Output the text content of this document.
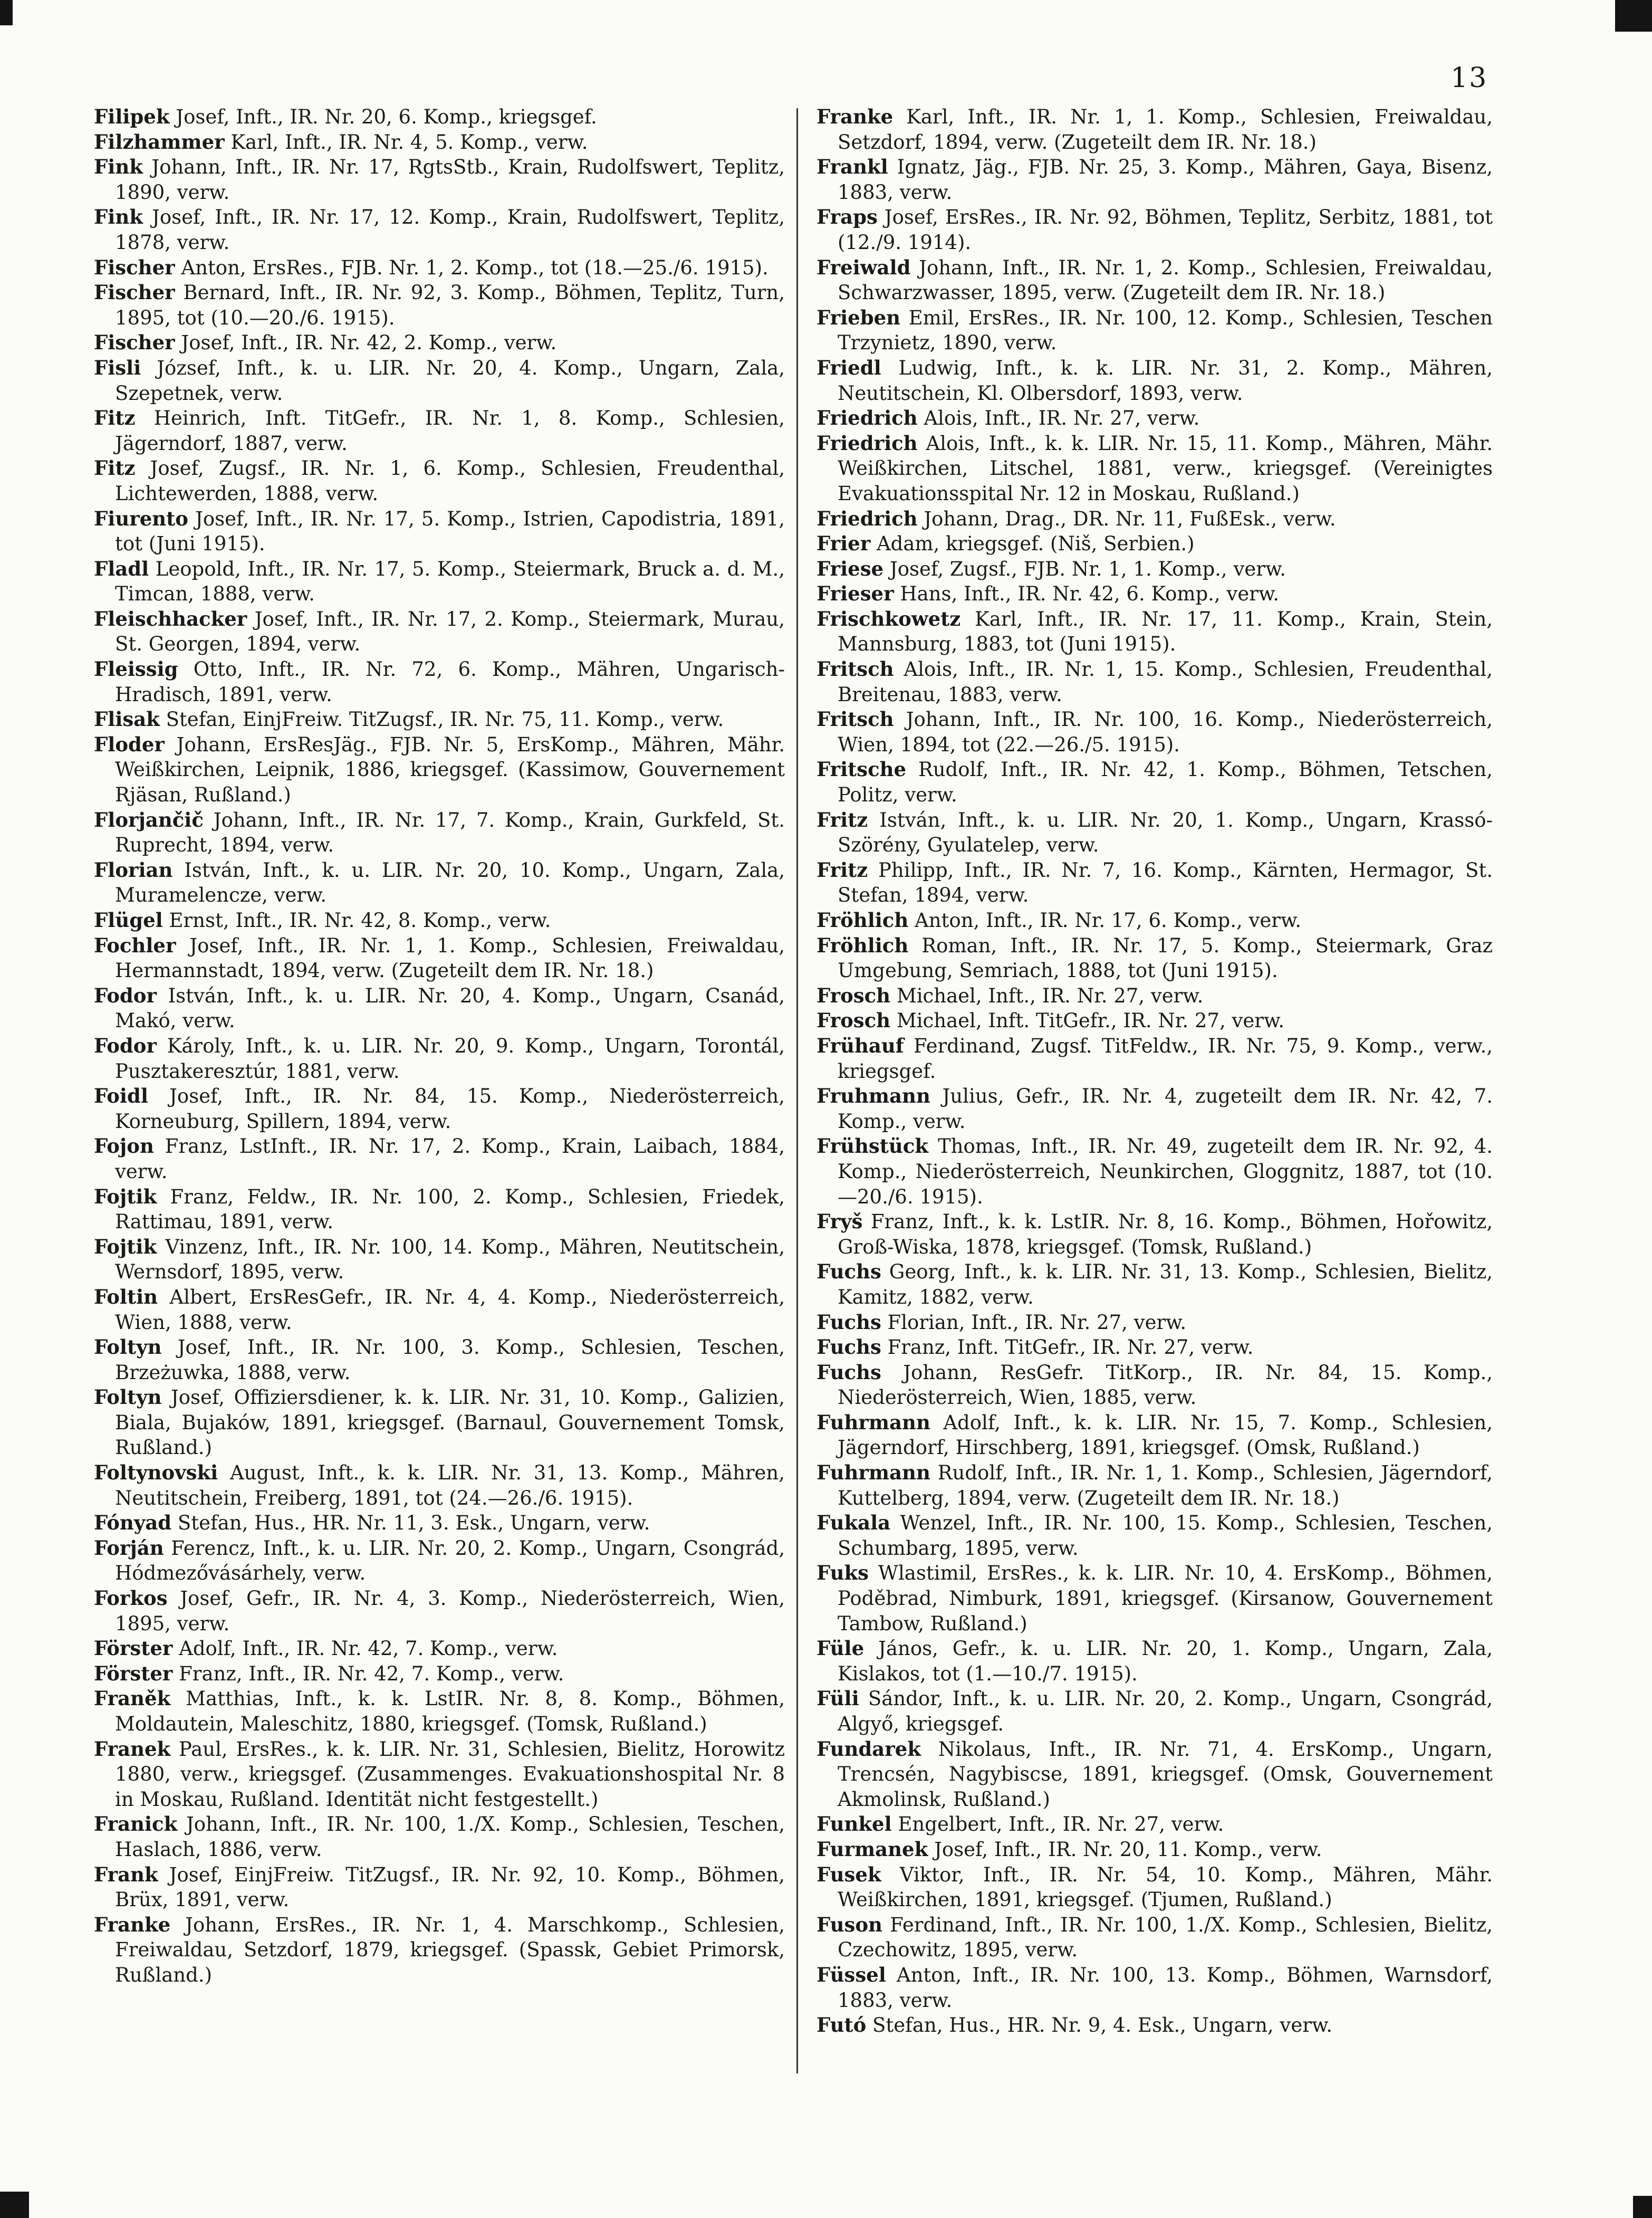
13

Filipek Josef, Inft., IR. Nr. 20, 6. Komp., kriegsgef.

Filzhammer Karl, Inft., IR. Nr. 4, 5. Komp., verw.

Fink Johann, Inft., IR. Nr. 17, RgtsStb., Krain, Rudolfswert, Teplitz, 1890, verw.

Fink Josef, Inft., IR. Nr. 17, 12. Komp., Krain, Rudolfswert, Teplitz, 1878, verw.

Fischer Anton, ErsRes., FJB. Nr. 1, 2. Komp., tot (18.—25./6. 1915).

Fischer Bernard, Inft., IR. Nr. 92, 3. Komp., Böhmen, Teplitz, Turn, 1895, tot (10.—20./6. 1915).

Fischer Josef, Inft., IR. Nr. 42, 2. Komp., verw.

Fisli József, Inft., k. u. LIR. Nr. 20, 4. Komp., Ungarn, Zala, Szepetnek, verw.

Fitz Heinrich, Inft. TitGefr., IR. Nr. 1, 8. Komp., Schlesien, Jägerndorf, 1887, verw.

Fitz Josef, Zugsf., IR. Nr. 1, 6. Komp., Schlesien, Freudenthal, Lichtewerden, 1888, verw.

Fiurento Josef, Inft., IR. Nr. 17, 5. Komp., Istrien, Capodistria, 1891, tot (Juni 1915).

Fladl Leopold, Inft., IR. Nr. 17, 5. Komp., Steiermark, Bruck a. d. M., Timcan, 1888, verw.

Fleischhacker Josef, Inft., IR. Nr. 17, 2. Komp., Steiermark, Murau, St. Georgen, 1894, verw.

Fleissig Otto, Inft., IR. Nr. 72, 6. Komp., Mähren, Ungarisch-Hradisch, 1891, verw.

Flisak Stefan, EinjFreiw. TitZugsf., IR. Nr. 75, 11. Komp., verw.

Floder Johann, ErsResJäg., FJB. Nr. 5, ErsKomp., Mähren, Mähr. Weißkirchen, Leipnik, 1886, kriegsgef. (Kassimow, Gouvernement Rjäsan, Rußland.)

Florjančič Johann, Inft., IR. Nr. 17, 7. Komp., Krain, Gurkfeld, St. Ruprecht, 1894, verw.

Florian István, Inft., k. u. LIR. Nr. 20, 10. Komp., Ungarn, Zala, Muramelencze, verw.

Flügel Ernst, Inft., IR. Nr. 42, 8. Komp., verw.

Fochler Josef, Inft., IR. Nr. 1, 1. Komp., Schlesien, Freiwaldau, Hermannstadt, 1894, verw. (Zugeteilt dem IR. Nr. 18.)

Fodor István, Inft., k. u. LIR. Nr. 20, 4. Komp., Ungarn, Csanád, Makó, verw.

Fodor Károly, Inft., k. u. LIR. Nr. 20, 9. Komp., Ungarn, Torontál, Pusztakeresztúr, 1881, verw.

Foidl Josef, Inft., IR. Nr. 84, 15. Komp., Niederösterreich, Korneuburg, Spillern, 1894, verw.

Fojon Franz, LstInft., IR. Nr. 17, 2. Komp., Krain, Laibach, 1884, verw.

Fojtik Franz, Feldw., IR. Nr. 100, 2. Komp., Schlesien, Friedek, Rattimau, 1891, verw.

Fojtik Vinzenz, Inft., IR. Nr. 100, 14. Komp., Mähren, Neutitschein, Wernsdorf, 1895, verw.

Foltin Albert, ErsResGefr., IR. Nr. 4, 4. Komp., Niederösterreich, Wien, 1888, verw.

Foltyn Josef, Inft., IR. Nr. 100, 3. Komp., Schlesien, Teschen, Brzeżuwka, 1888, verw.

Foltyn Josef, Offiziersdiener, k. k. LIR. Nr. 31, 10. Komp., Galizien, Biala, Bujaków, 1891, kriegsgef. (Barnaul, Gouvernement Tomsk, Rußland.)

Foltynovski August, Inft., k. k. LIR. Nr. 31, 13. Komp., Mähren, Neutitschein, Freiberg, 1891, tot (24.—26./6. 1915).

Fónyad Stefan, Hus., HR. Nr. 11, 3. Esk., Ungarn, verw.

Forján Ferencz, Inft., k. u. LIR. Nr. 20, 2. Komp., Ungarn, Csongrád, Hódmezővásárhely, verw.

Forkos Josef, Gefr., IR. Nr. 4, 3. Komp., Niederösterreich, Wien, 1895, verw.

Förster Adolf, Inft., IR. Nr. 42, 7. Komp., verw.

Förster Franz, Inft., IR. Nr. 42, 7. Komp., verw.

Franěk Matthias, Inft., k. k. LstIR. Nr. 8, 8. Komp., Böhmen, Moldautein, Maleschitz, 1880, kriegsgef. (Tomsk, Rußland.)

Franek Paul, ErsRes., k. k. LIR. Nr. 31, Schlesien, Bielitz, Horowitz 1880, verw., kriegsgef. (Zusammenges. Evakuationshospital Nr. 8 in Moskau, Rußland. Identität nicht festgestellt.)

Franick Johann, Inft., IR. Nr. 100, 1./X. Komp., Schlesien, Teschen, Haslach, 1886, verw.

Frank Josef, EinjFreiw. TitZugsf., IR. Nr. 92, 10. Komp., Böhmen, Brüx, 1891, verw.

Franke Johann, ErsRes., IR. Nr. 1, 4. Marschkomp., Schlesien, Freiwaldau, Setzdorf, 1879, kriegsgef. (Spassk, Gebiet Primorsk, Rußland.)

Franke Karl, Inft., IR. Nr. 1, 1. Komp., Schlesien, Freiwaldau, Setzdorf, 1894, verw. (Zugeteilt dem IR. Nr. 18.)

Frankl Ignatz, Jäg., FJB. Nr. 25, 3. Komp., Mähren, Gaya, Bisenz, 1883, verw.

Fraps Josef, ErsRes., IR. Nr. 92, Böhmen, Teplitz, Serbitz, 1881, tot (12./9. 1914).

Freiwald Johann, Inft., IR. Nr. 1, 2. Komp., Schlesien, Freiwaldau, Schwarzwasser, 1895, verw. (Zugeteilt dem IR. Nr. 18.)

Frieben Emil, ErsRes., IR. Nr. 100, 12. Komp., Schlesien, Teschen Trzynietz, 1890, verw.

Friedl Ludwig, Inft., k. k. LIR. Nr. 31, 2. Komp., Mähren, Neutitschein, Kl. Olbersdorf, 1893, verw.

Friedrich Alois, Inft., IR. Nr. 27, verw.

Friedrich Alois, Inft., k. k. LIR. Nr. 15, 11. Komp., Mähren, Mähr. Weißkirchen, Litschel, 1881, verw., kriegsgef. (Vereinigtes Evakuationsspital Nr. 12 in Moskau, Rußland.)

Friedrich Johann, Drag., DR. Nr. 11, FußEsk., verw.

Frier Adam, kriegsgef. (Niš, Serbien.)

Friese Josef, Zugsf., FJB. Nr. 1, 1. Komp., verw.

Frieser Hans, Inft., IR. Nr. 42, 6. Komp., verw.

Frischkowetz Karl, Inft., IR. Nr. 17, 11. Komp., Krain, Stein, Mannsburg, 1883, tot (Juni 1915).

Fritsch Alois, Inft., IR. Nr. 1, 15. Komp., Schlesien, Freudenthal, Breitenau, 1883, verw.

Fritsch Johann, Inft., IR. Nr. 100, 16. Komp., Niederösterreich, Wien, 1894, tot (22.—26./5. 1915).

Fritsche Rudolf, Inft., IR. Nr. 42, 1. Komp., Böhmen, Tetschen, Politz, verw.

Fritz István, Inft., k. u. LIR. Nr. 20, 1. Komp., Ungarn, Krassó-Szörény, Gyulatelep, verw.

Fritz Philipp, Inft., IR. Nr. 7, 16. Komp., Kärnten, Hermagor, St. Stefan, 1894, verw.

Fröhlich Anton, Inft., IR. Nr. 17, 6. Komp., verw.

Fröhlich Roman, Inft., IR. Nr. 17, 5. Komp., Steiermark, Graz Umgebung, Semriach, 1888, tot (Juni 1915).

Frosch Michael, Inft., IR. Nr. 27, verw.

Frosch Michael, Inft. TitGefr., IR. Nr. 27, verw.

Frühauf Ferdinand, Zugsf. TitFeldw., IR. Nr. 75, 9. Komp., verw., kriegsgef.

Fruhmann Julius, Gefr., IR. Nr. 4, zugeteilt dem IR. Nr. 42, 7. Komp., verw.

Frühstück Thomas, Inft., IR. Nr. 49, zugeteilt dem IR. Nr. 92, 4. Komp., Niederösterreich, Neunkirchen, Gloggnitz, 1887, tot (10.—20./6. 1915).

Fryš Franz, Inft., k. k. LstIR. Nr. 8, 16. Komp., Böhmen, Hořowitz, Groß-Wiska, 1878, kriegsgef. (Tomsk, Rußland.)

Fuchs Georg, Inft., k. k. LIR. Nr. 31, 13. Komp., Schlesien, Bielitz, Kamitz, 1882, verw.

Fuchs Florian, Inft., IR. Nr. 27, verw.

Fuchs Franz, Inft. TitGefr., IR. Nr. 27, verw.

Fuchs Johann, ResGefr. TitKorp., IR. Nr. 84, 15. Komp., Niederösterreich, Wien, 1885, verw.

Fuhrmann Adolf, Inft., k. k. LIR. Nr. 15, 7. Komp., Schlesien, Jägerndorf, Hirschberg, 1891, kriegsgef. (Omsk, Rußland.)

Fuhrmann Rudolf, Inft., IR. Nr. 1, 1. Komp., Schlesien, Jägerndorf, Kuttelberg, 1894, verw. (Zugeteilt dem IR. Nr. 18.)

Fukala Wenzel, Inft., IR. Nr. 100, 15. Komp., Schlesien, Teschen, Schumbarg, 1895, verw.

Fuks Wlastimil, ErsRes., k. k. LIR. Nr. 10, 4. ErsKomp., Böhmen, Poděbrad, Nimburk, 1891, kriegsgef. (Kirsanow, Gouvernement Tambow, Rußland.)

Füle János, Gefr., k. u. LIR. Nr. 20, 1. Komp., Ungarn, Zala, Kislakos, tot (1.—10./7. 1915).

Füli Sándor, Inft., k. u. LIR. Nr. 20, 2. Komp., Ungarn, Csongrád, Algyő, kriegsgef.

Fundarek Nikolaus, Inft., IR. Nr. 71, 4. ErsKomp., Ungarn, Trencsén, Nagybiscse, 1891, kriegsgef. (Omsk, Gouvernement Akmolinsk, Rußland.)

Funkel Engelbert, Inft., IR. Nr. 27, verw.

Furmanek Josef, Inft., IR. Nr. 20, 11. Komp., verw.

Fusek Viktor, Inft., IR. Nr. 54, 10. Komp., Mähren, Mähr. Weißkirchen, 1891, kriegsgef. (Tjumen, Rußland.)

Fuson Ferdinand, Inft., IR. Nr. 100, 1./X. Komp., Schlesien, Bielitz, Czechowitz, 1895, verw.

Füssel Anton, Inft., IR. Nr. 100, 13. Komp., Böhmen, Warnsdorf, 1883, verw.

Futó Stefan, Hus., HR. Nr. 9, 4. Esk., Ungarn, verw.
